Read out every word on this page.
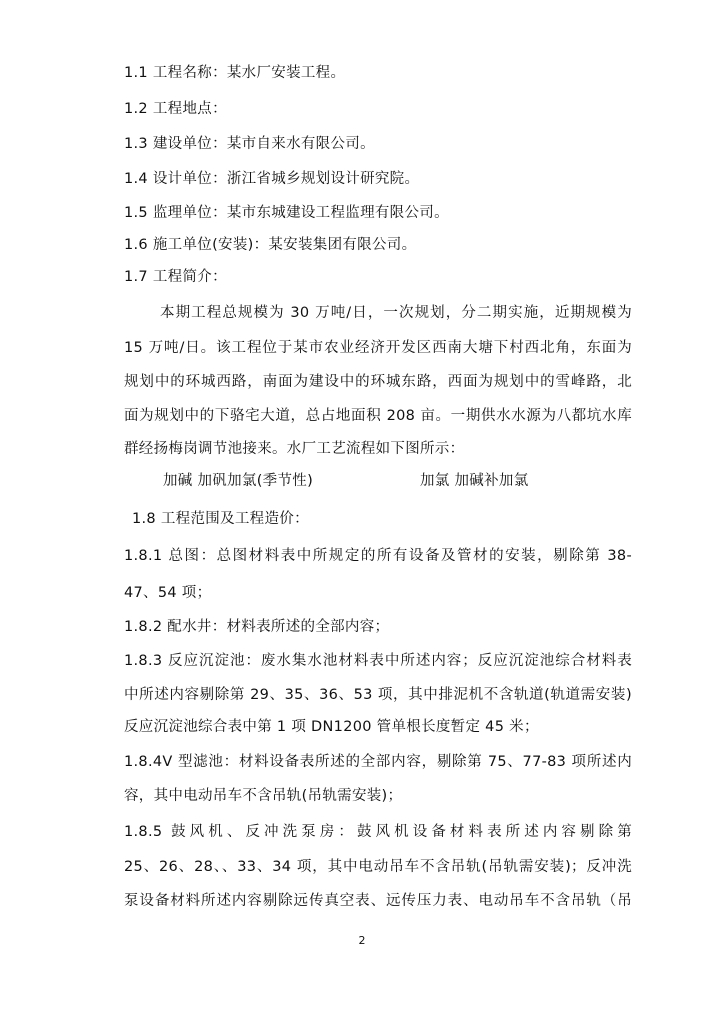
1.1 工程名称：某水厂安装工程。
1.2 工程地点：
1.3 建设单位：某市自来水有限公司。
1.4 设计单位：浙江省城乡规划设计研究院。
1.5 监理单位：某市东城建设工程监理有限公司。
1.6 施工单位(安装)：某安装集团有限公司。
1.7 工程简介：
本期工程总规模为 30 万吨/日，一次规划，分二期实施，近期规模为
15 万吨/日。该工程位于某市农业经济开发区西南大塘下村西北角，东面为
规划中的环城西路，南面为建设中的环城东路，西面为规划中的雪峰路，北
面为规划中的下骆宅大道，总占地面积 208 亩。一期供水水源为八都坑水库
群经扬梅岗调节池接来。水厂工艺流程如下图所示：
加碱 加矾加氯(季节性)	加氯 加碱补加氯
1.8 工程范围及工程造价：
1.8.1 总图：总图材料表中所规定的所有设备及管材的安装，剔除第 38-
47、54 项；
1.8.2 配水井：材料表所述的全部内容；
1.8.3 反应沉淀池：废水集水池材料表中所述内容；反应沉淀池综合材料表
中所述内容剔除第 29、35、36、53 项，其中排泥机不含轨道(轨道需安装)
反应沉淀池综合表中第 1 项 DN1200 管单根长度暂定 45 米；
1.8.4V 型滤池：材料设备表所述的全部内容，剔除第 75、77-83 项所述内
容，其中电动吊车不含吊轨(吊轨需安装)；
1.8.5 鼓风机、反冲洗泵房：鼓风机设备材料表所述内容剔除第
25、26、28、、33、34 项，其中电动吊车不含吊轨(吊轨需安装)；反冲洗
泵设备材料所述内容剔除远传真空表、远传压力表、电动吊车不含吊轨（吊
2
